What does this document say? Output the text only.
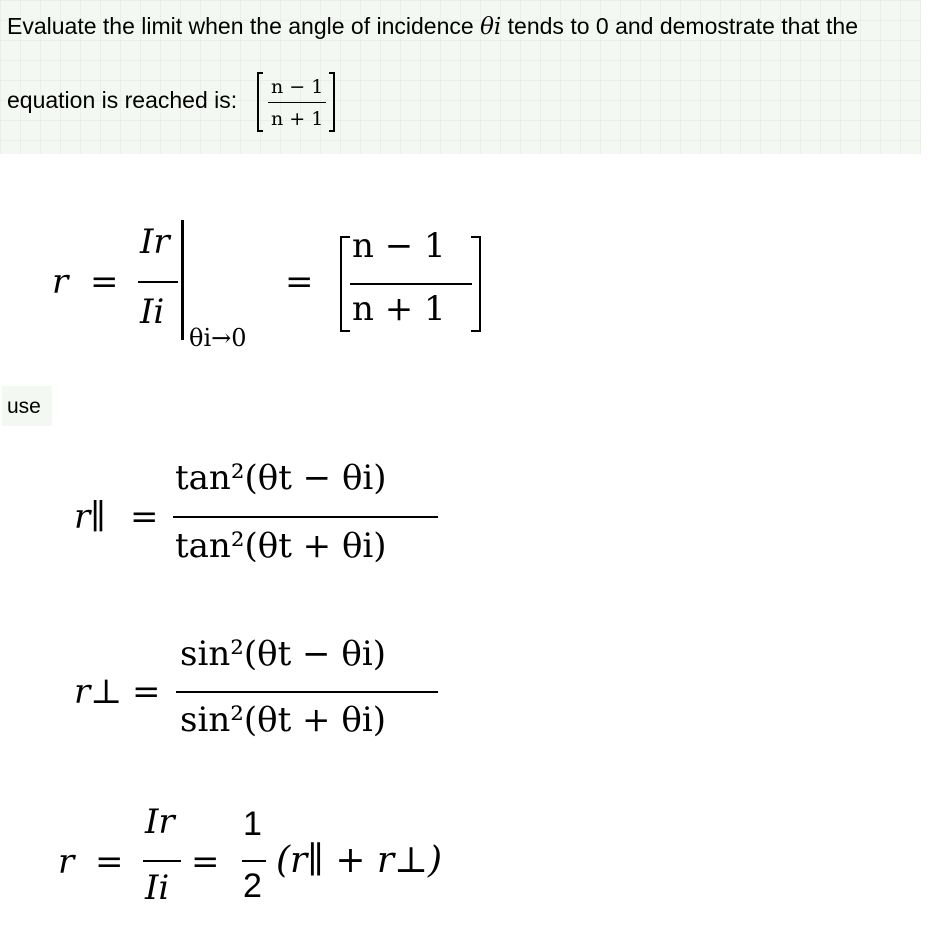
Evaluate the limit when the angle of incidence θi tends to 0 and demostrate that the
equation is reached is: n − 1
n + 1
r =
Ir
Ii
θi→0
=
n − 1
n + 1
use
r∥ =
tan²(θt − θi)
tan²(θt + θi)
r⊥ =
sin²(θt − θi)
sin²(θt + θi)
r =
Ir
Ii
=
1
2
(r∥ + r⊥)
